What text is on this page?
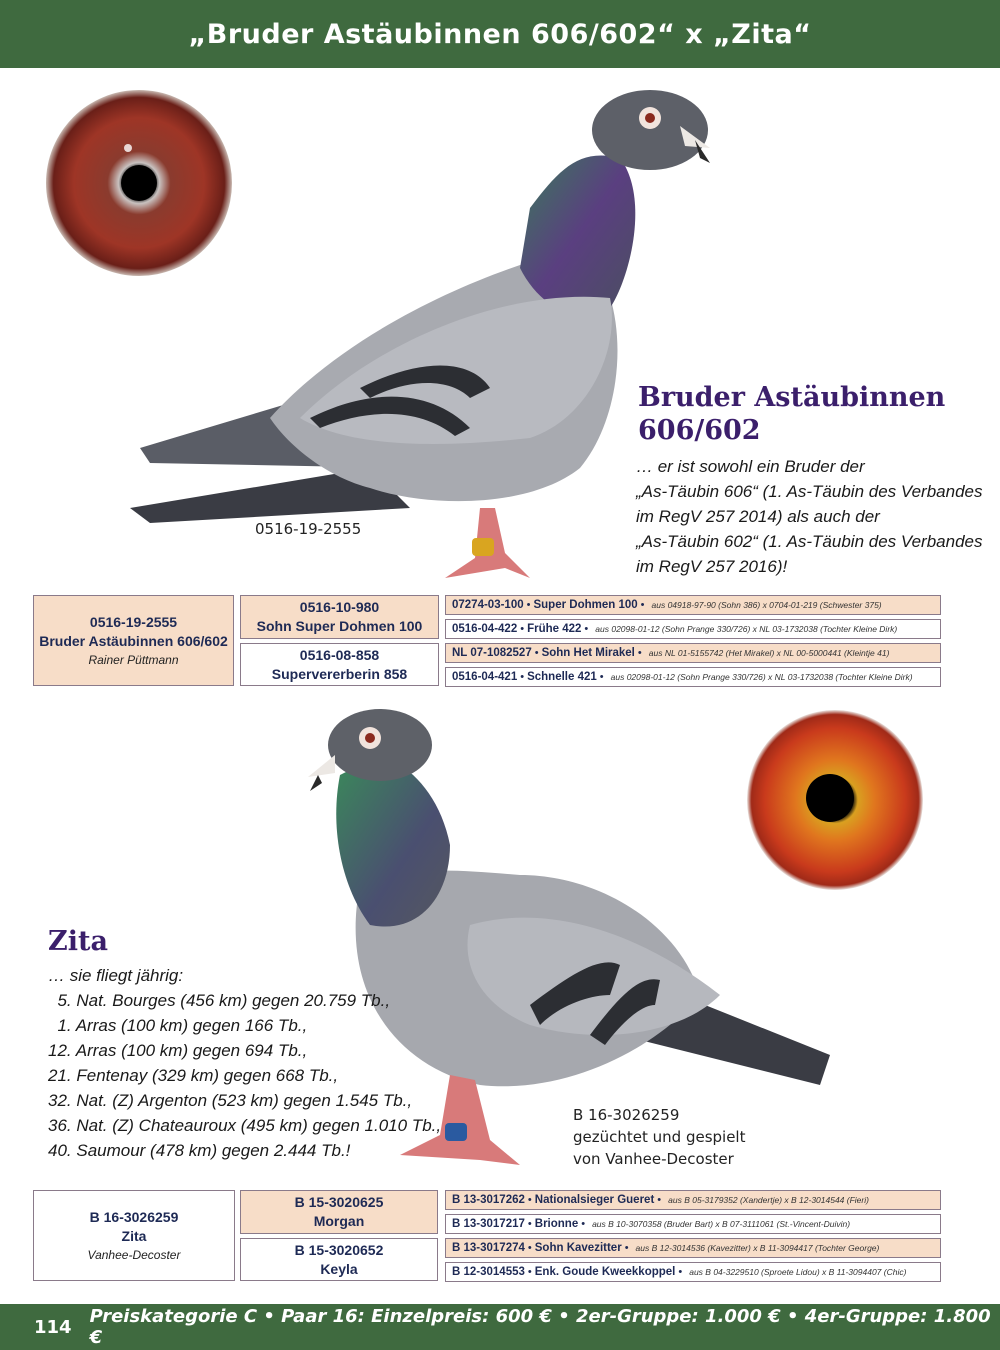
„Bruder Astäubinnen 606/602“ x „Zita“
0516-19-2555
Bruder Astäubinnen
606/602
… er ist sowohl ein Bruder der
„As-Täubin 606“ (1. As-Täubin des Verbandes
im RegV 257 2014) als auch der
„As-Täubin 602“ (1. As-Täubin des Verbandes
im RegV 257 2016)!
0516-19-2555
Bruder Astäubinnen 606/602
Rainer Püttmann
0516-10-980
Sohn Super Dohmen 100
0516-08-858
Supervererberin 858
07274-03-100 • Super Dohmen 100 • aus 04918-97-90 (Sohn 386) x 0704-01-219 (Schwester 375)
0516-04-422 • Frühe 422 • aus 02098-01-12 (Sohn Prange 330/726) x NL 03-1732038 (Tochter Kleine Dirk)
NL 07-1082527 • Sohn Het Mirakel • aus NL 01-5155742 (Het Mirakel) x NL 00-5000441 (Kleintje 41)
0516-04-421 • Schnelle 421 • aus 02098-01-12 (Sohn Prange 330/726) x NL 03-1732038 (Tochter Kleine Dirk)
Zita
… sie fliegt jährig:
5. Nat. Bourges (456 km) gegen 20.759 Tb.,
1. Arras (100 km) gegen 166 Tb.,
12. Arras (100 km) gegen 694 Tb.,
21. Fentenay (329 km) gegen 668 Tb.,
32. Nat. (Z) Argenton (523 km) gegen 1.545 Tb.,
36. Nat. (Z) Chateauroux (495 km) gegen 1.010 Tb.,
40. Saumour (478 km) gegen 2.444 Tb.!
B 16-3026259
gezüchtet und gespielt
von Vanhee-Decoster
B 16-3026259
Zita
Vanhee-Decoster
B 15-3020625
Morgan
B 15-3020652
Keyla
B 13-3017262 • Nationalsieger Gueret • aus B 05-3179352 (Xandertje) x B 12-3014544 (Fieri)
B 13-3017217 • Brionne • aus B 10-3070358 (Bruder Bart) x B 07-3111061 (St.-Vincent-Duivin)
B 13-3017274 • Sohn Kavezitter • aus B 12-3014536 (Kavezitter) x B 11-3094417 (Tochter George)
B 12-3014553 • Enk. Goude Kweekkoppel • aus B 04-3229510 (Sproete Lidou) x B 11-3094407 (Chic)
114 Preiskategorie C • Paar 16: Einzelpreis: 600 € • 2er-Gruppe: 1.000 € • 4er-Gruppe: 1.800 €
